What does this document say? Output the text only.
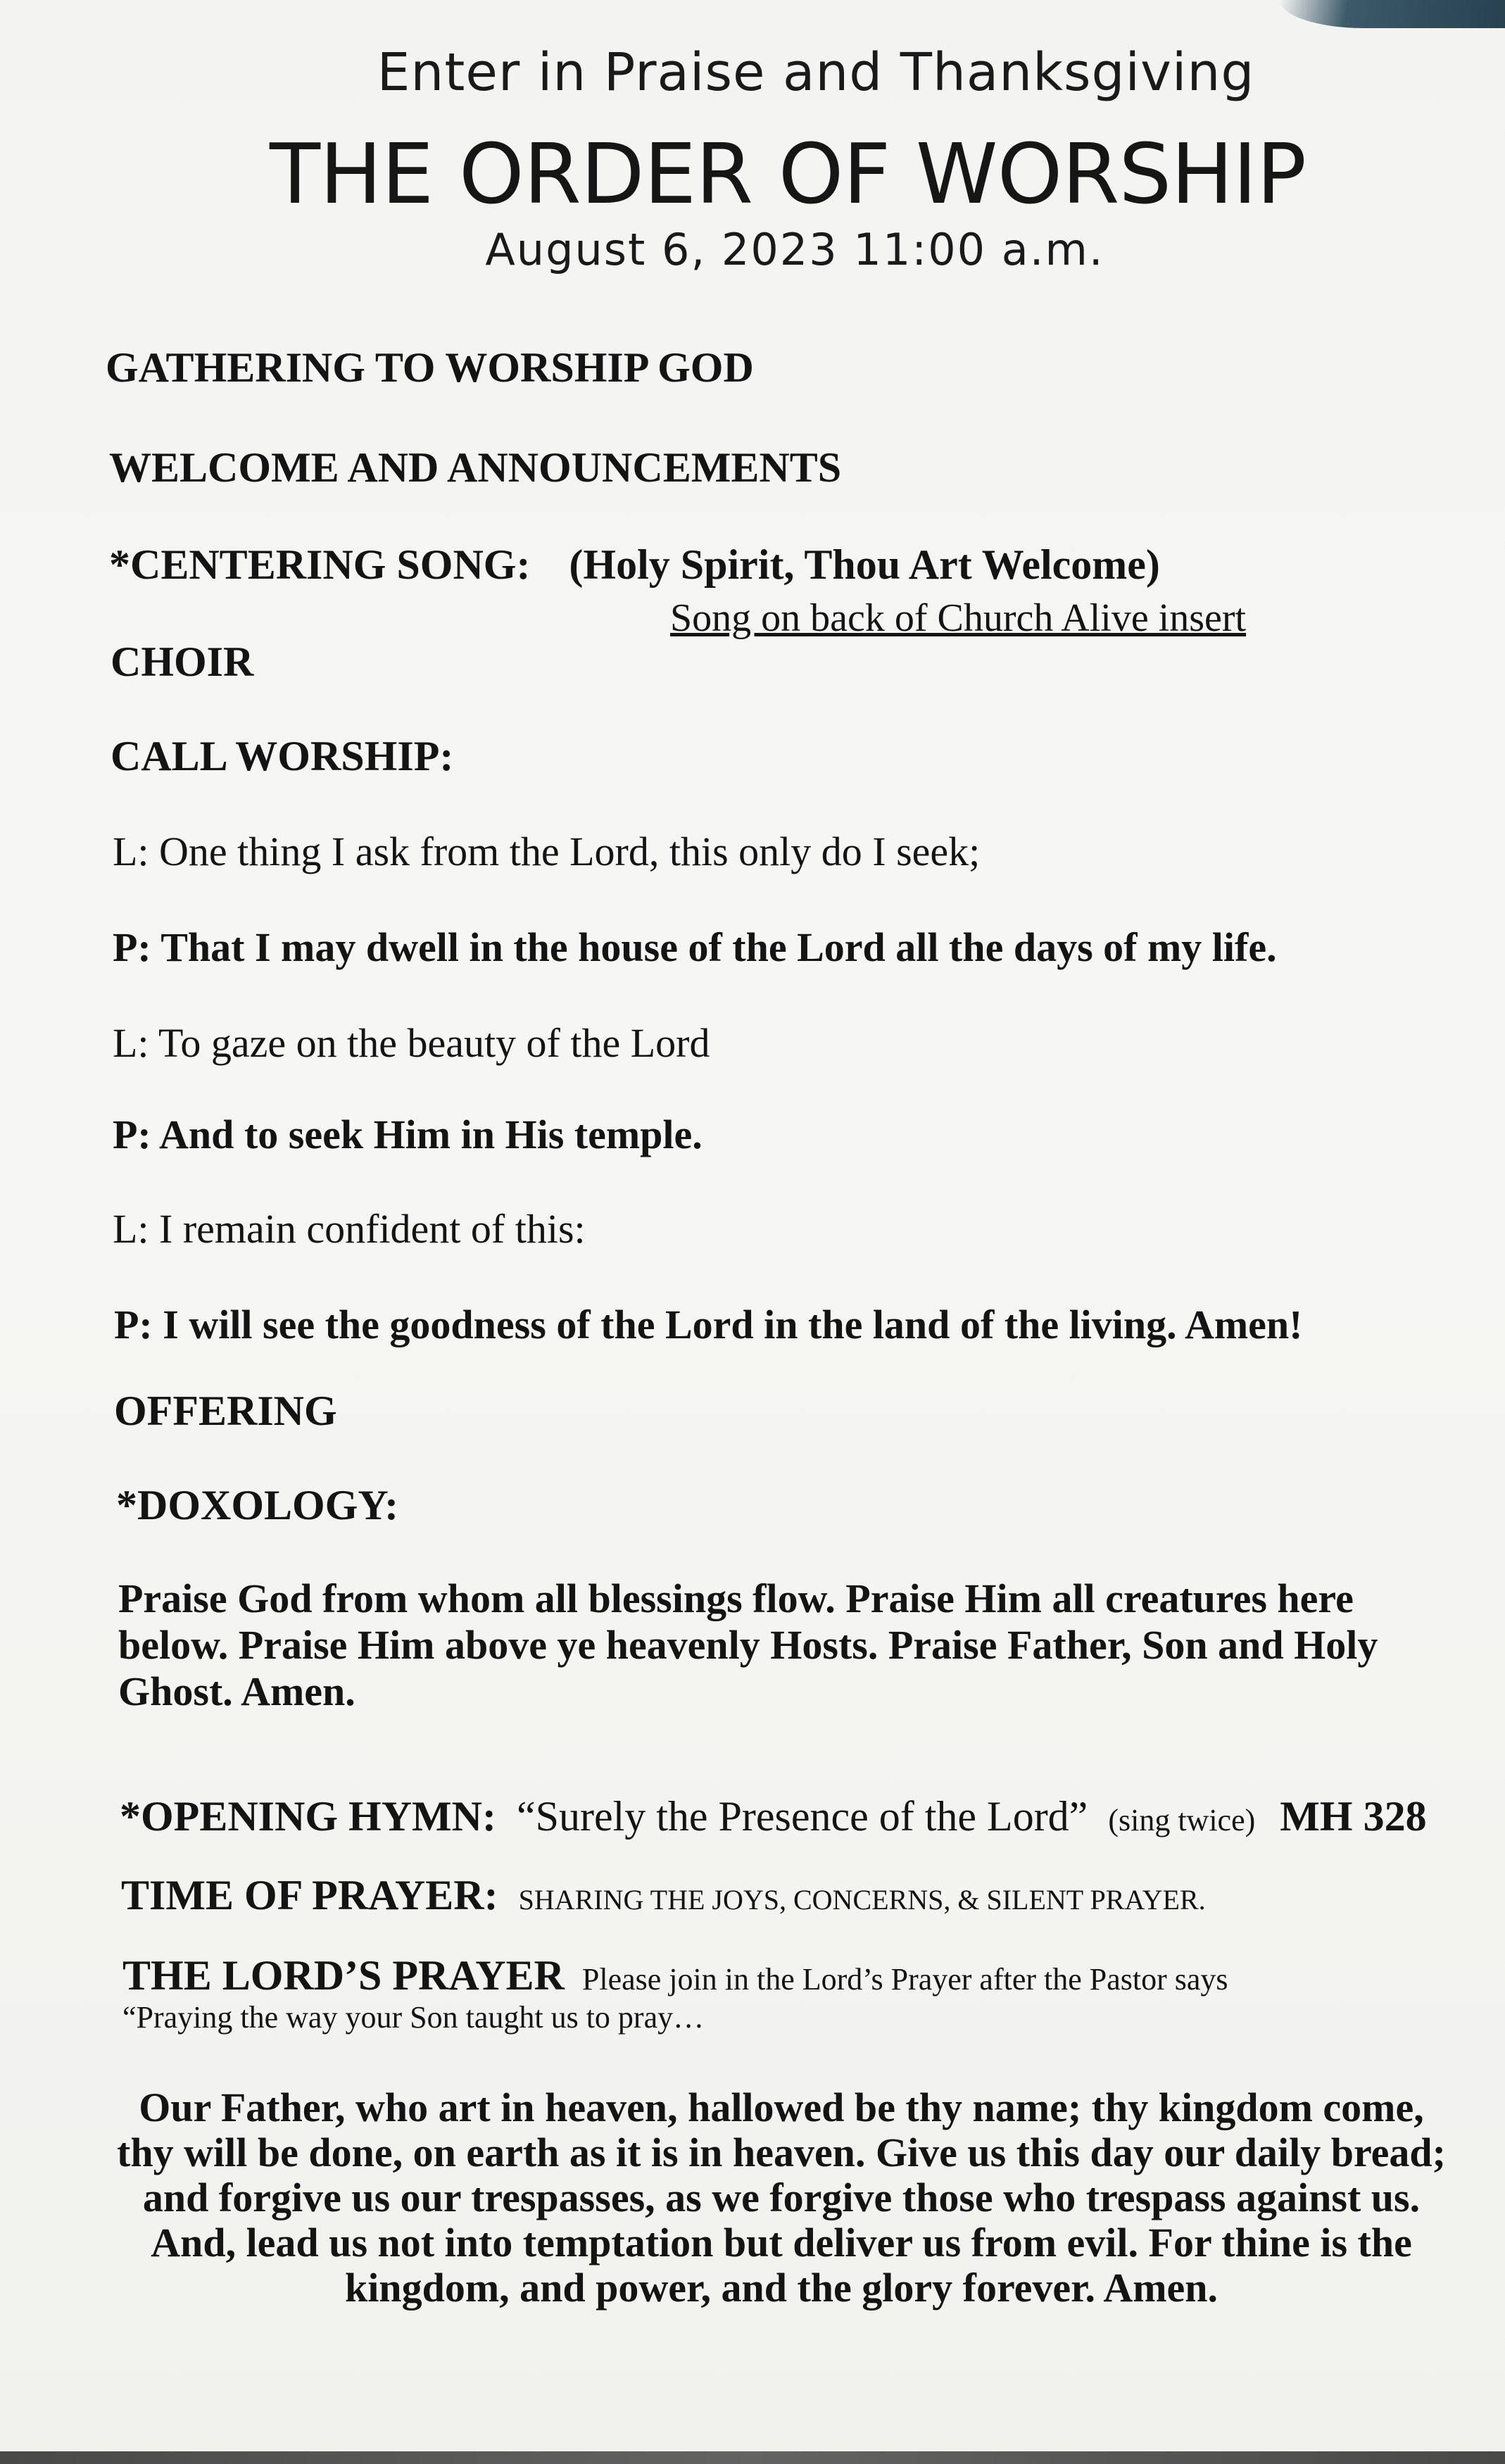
Enter in Praise and Thanksgiving
THE ORDER OF WORSHIP
August 6, 2023 11:00 a.m.
GATHERING TO WORSHIP GOD
WELCOME AND ANNOUNCEMENTS
*CENTERING SONG: (Holy Spirit, Thou Art Welcome)
Song on back of Church Alive insert
CHOIR
CALL WORSHIP:
L: One thing I ask from the Lord, this only do I seek;
P: That I may dwell in the house of the Lord all the days of my life.
L: To gaze on the beauty of the Lord
P: And to seek Him in His temple.
L: I remain confident of this:
P: I will see the goodness of the Lord in the land of the living. Amen!
OFFERING
*DOXOLOGY:
Praise God from whom all blessings flow. Praise Him all creatures here below. Praise Him above ye heavenly Hosts. Praise Father, Son and Holy Ghost. Amen.
*OPENING HYMN: “Surely the Presence of the Lord” (sing twice) MH 328
TIME OF PRAYER: SHARING THE JOYS, CONCERNS, & SILENT PRAYER.
THE LORD’S PRAYER Please join in the Lord’s Prayer after the Pastor says
“Praying the way your Son taught us to pray…
Our Father, who art in heaven, hallowed be thy name; thy kingdom come, thy will be done, on earth as it is in heaven. Give us this day our daily bread; and forgive us our trespasses, as we forgive those who trespass against us. And, lead us not into temptation but deliver us from evil. For thine is the kingdom, and power, and the glory forever. Amen.
